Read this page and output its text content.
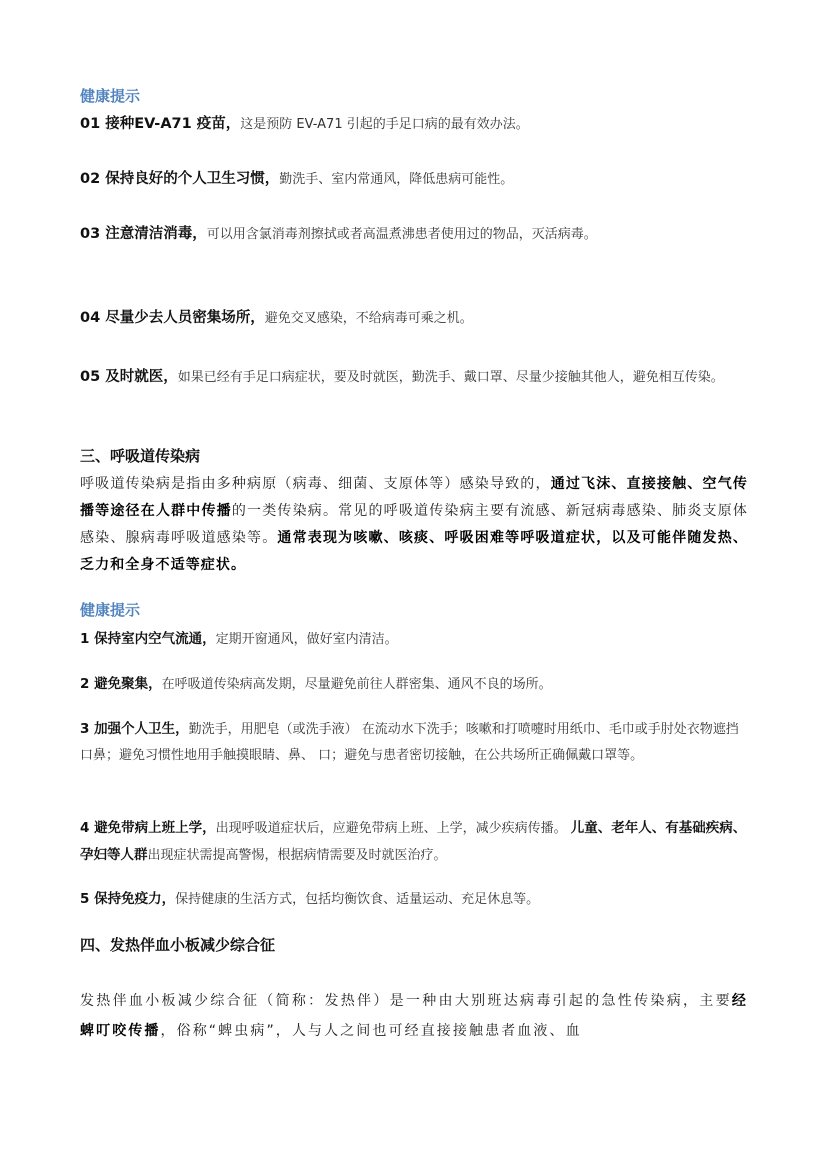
健康提示
01 接种EV-A71 疫苗，这是预防 EV-A71 引起的手足口病的最有效办法。
02 保持良好的个人卫生习惯，勤洗手、室内常通风，降低患病可能性。
03 注意清洁消毒，可以用含氯消毒剂擦拭或者高温煮沸患者使用过的物品，灭活病毒。
04 尽量少去人员密集场所，避免交叉感染，不给病毒可乘之机。
05 及时就医，如果已经有手足口病症状，要及时就医，勤洗手、戴口罩、尽量少接触其他人，避免相互传染。
三、呼吸道传染病
呼吸道传染病是指由多种病原（病毒、细菌、支原体等）感染导致的，通过飞沫、直接接触、空气传播等途径在人群中传播的一类传染病。常见的呼吸道传染病主要有流感、新冠病毒感染、肺炎支原体感染、腺病毒呼吸道感染等。通常表现为咳嗽、咳痰、呼吸困难等呼吸道症状，以及可能伴随发热、乏力和全身不适等症状。
健康提示
1 保持室内空气流通，定期开窗通风，做好室内清洁。
2 避免聚集，在呼吸道传染病高发期，尽量避免前往人群密集、通风不良的场所。
3 加强个人卫生，勤洗手，用肥皂（或洗手液） 在流动水下洗手；咳嗽和打喷嚏时用纸巾、毛巾或手肘处衣物遮挡口鼻；避免习惯性地用手触摸眼睛、鼻、 口；避免与患者密切接触，在公共场所正确佩戴口罩等。
4 避免带病上班上学，出现呼吸道症状后，应避免带病上班、上学，减少疾病传播。 儿童、老年人、有基础疾病、孕妇等人群出现症状需提高警惕，根据病情需要及时就医治疗。
5 保持免疫力，保持健康的生活方式，包括均衡饮食、适量运动、充足休息等。
四、发热伴血小板减少综合征
发热伴血小板减少综合征（简称：发热伴）是一种由大别班达病毒引起的急性传染病，主要经蜱叮咬传播，俗称“蜱虫病”，人与人之间也可经直接接触患者血液、血
